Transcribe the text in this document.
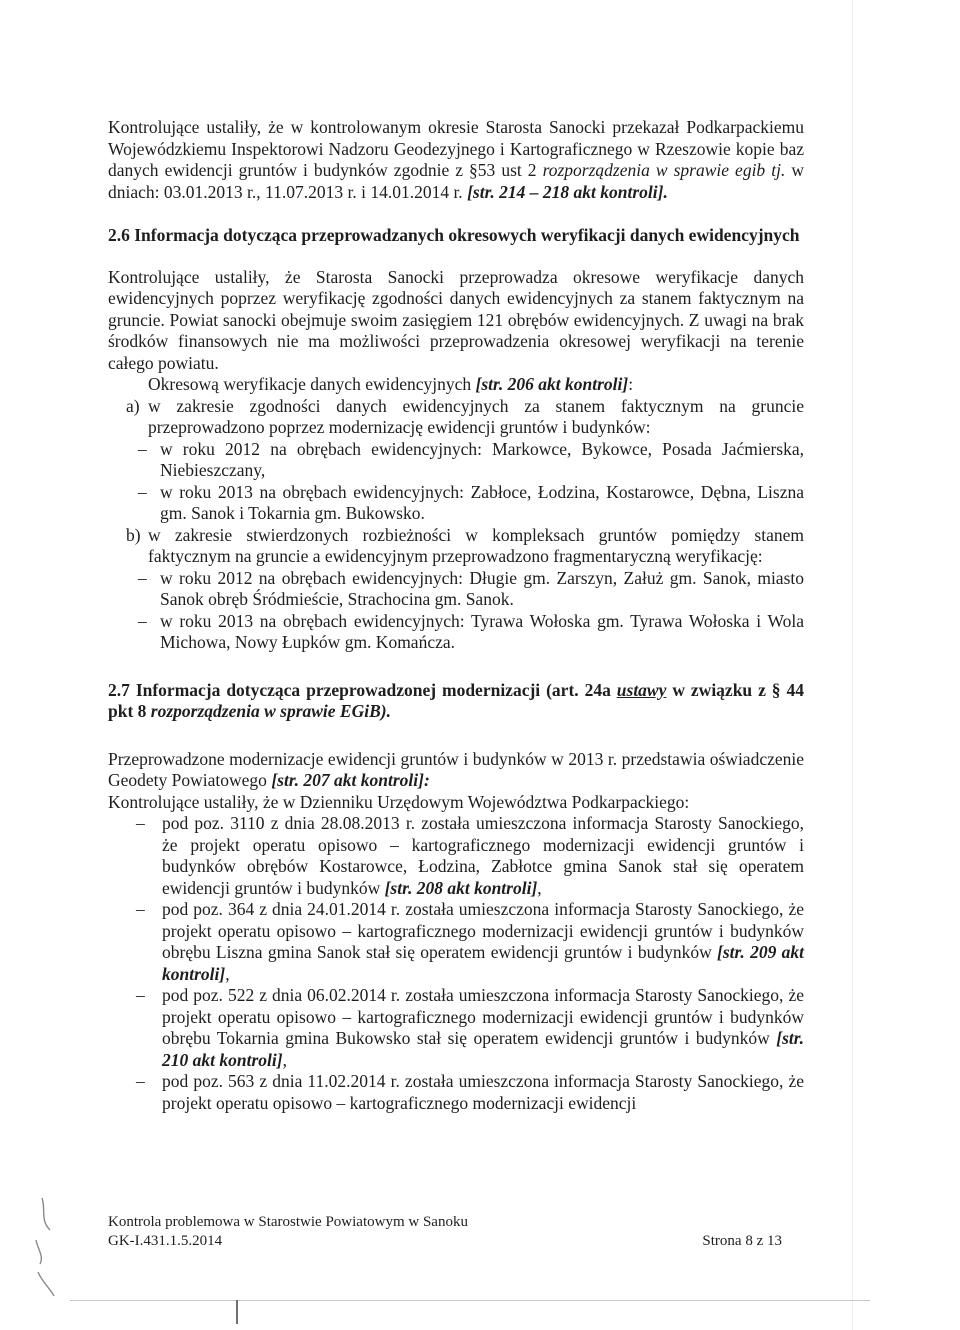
Kontrolujące ustaliły, że w kontrolowanym okresie Starosta Sanocki przekazał Podkarpackiemu Wojewódzkiemu Inspektorowi Nadzoru Geodezyjnego i Kartograficznego w Rzeszowie kopie baz danych ewidencji gruntów i budynków zgodnie z §53 ust 2 rozporządzenia w sprawie egib tj. w dniach: 03.01.2013 r., 11.07.2013 r. i 14.01.2014 r. [str. 214 – 218 akt kontroli].

2.6 Informacja dotycząca przeprowadzanych okresowych weryfikacji danych ewidencyjnych

Kontrolujące ustaliły, że Starosta Sanocki przeprowadza okresowe weryfikacje danych ewidencyjnych poprzez weryfikację zgodności danych ewidencyjnych za stanem faktycznym na gruncie. Powiat sanocki obejmuje swoim zasięgiem 121 obrębów ewidencyjnych. Z uwagi na brak środków finansowych nie ma możliwości przeprowadzenia okresowej weryfikacji na terenie całego powiatu.

Okresową weryfikacje danych ewidencyjnych [str. 206 akt kontroli]:

a) w zakresie zgodności danych ewidencyjnych za stanem faktycznym na gruncie przeprowadzono poprzez modernizację ewidencji gruntów i budynków:
– w roku 2012 na obrębach ewidencyjnych: Markowce, Bykowce, Posada Jaćmierska, Niebieszczany,
– w roku 2013 na obrębach ewidencyjnych: Zabłoce, Łodzina, Kostarowce, Dębna, Liszna gm. Sanok i Tokarnia gm. Bukowsko.
b) w zakresie stwierdzonych rozbieżności w kompleksach gruntów pomiędzy stanem faktycznym na gruncie a ewidencyjnym przeprowadzono fragmentaryczną weryfikację:
– w roku 2012 na obrębach ewidencyjnych: Długie gm. Zarszyn, Załuż gm. Sanok, miasto Sanok obręb Śródmieście, Strachocina gm. Sanok.
– w roku 2013 na obrębach ewidencyjnych: Tyrawa Wołoska gm. Tyrawa Wołoska i Wola Michowa, Nowy Łupków gm. Komańcza.
2.7 Informacja dotycząca przeprowadzonej modernizacji (art. 24a ustawy w związku z § 44 pkt 8 rozporządzenia w sprawie EGiB).

Przeprowadzone modernizacje ewidencji gruntów i budynków w 2013 r. przedstawia oświadczenie Geodety Powiatowego [str. 207 akt kontroli]:

Kontrolujące ustaliły, że w Dzienniku Urzędowym Województwa Podkarpackiego:

– pod poz. 3110 z dnia 28.08.2013 r. została umieszczona informacja Starosty Sanockiego, że projekt operatu opisowo – kartograficznego modernizacji ewidencji gruntów i budynków obrębów Kostarowce, Łodzina, Zabłotce gmina Sanok stał się operatem ewidencji gruntów i budynków [str. 208 akt kontroli],
– pod poz. 364 z dnia 24.01.2014 r. została umieszczona informacja Starosty Sanockiego, że projekt operatu opisowo – kartograficznego modernizacji ewidencji gruntów i budynków obrębu Liszna gmina Sanok stał się operatem ewidencji gruntów i budynków [str. 209 akt kontroli],
– pod poz. 522 z dnia 06.02.2014 r. została umieszczona informacja Starosty Sanockiego, że projekt operatu opisowo – kartograficznego modernizacji ewidencji gruntów i budynków obrębu Tokarnia gmina Bukowsko stał się operatem ewidencji gruntów i budynków [str. 210 akt kontroli],
– pod poz. 563 z dnia 11.02.2014 r. została umieszczona informacja Starosty Sanockiego, że projekt operatu opisowo – kartograficznego modernizacji ewidencji
Kontrola problemowa w Starostwie Powiatowym w Sanoku
GK-I.431.1.5.2014	Strona 8 z 13
